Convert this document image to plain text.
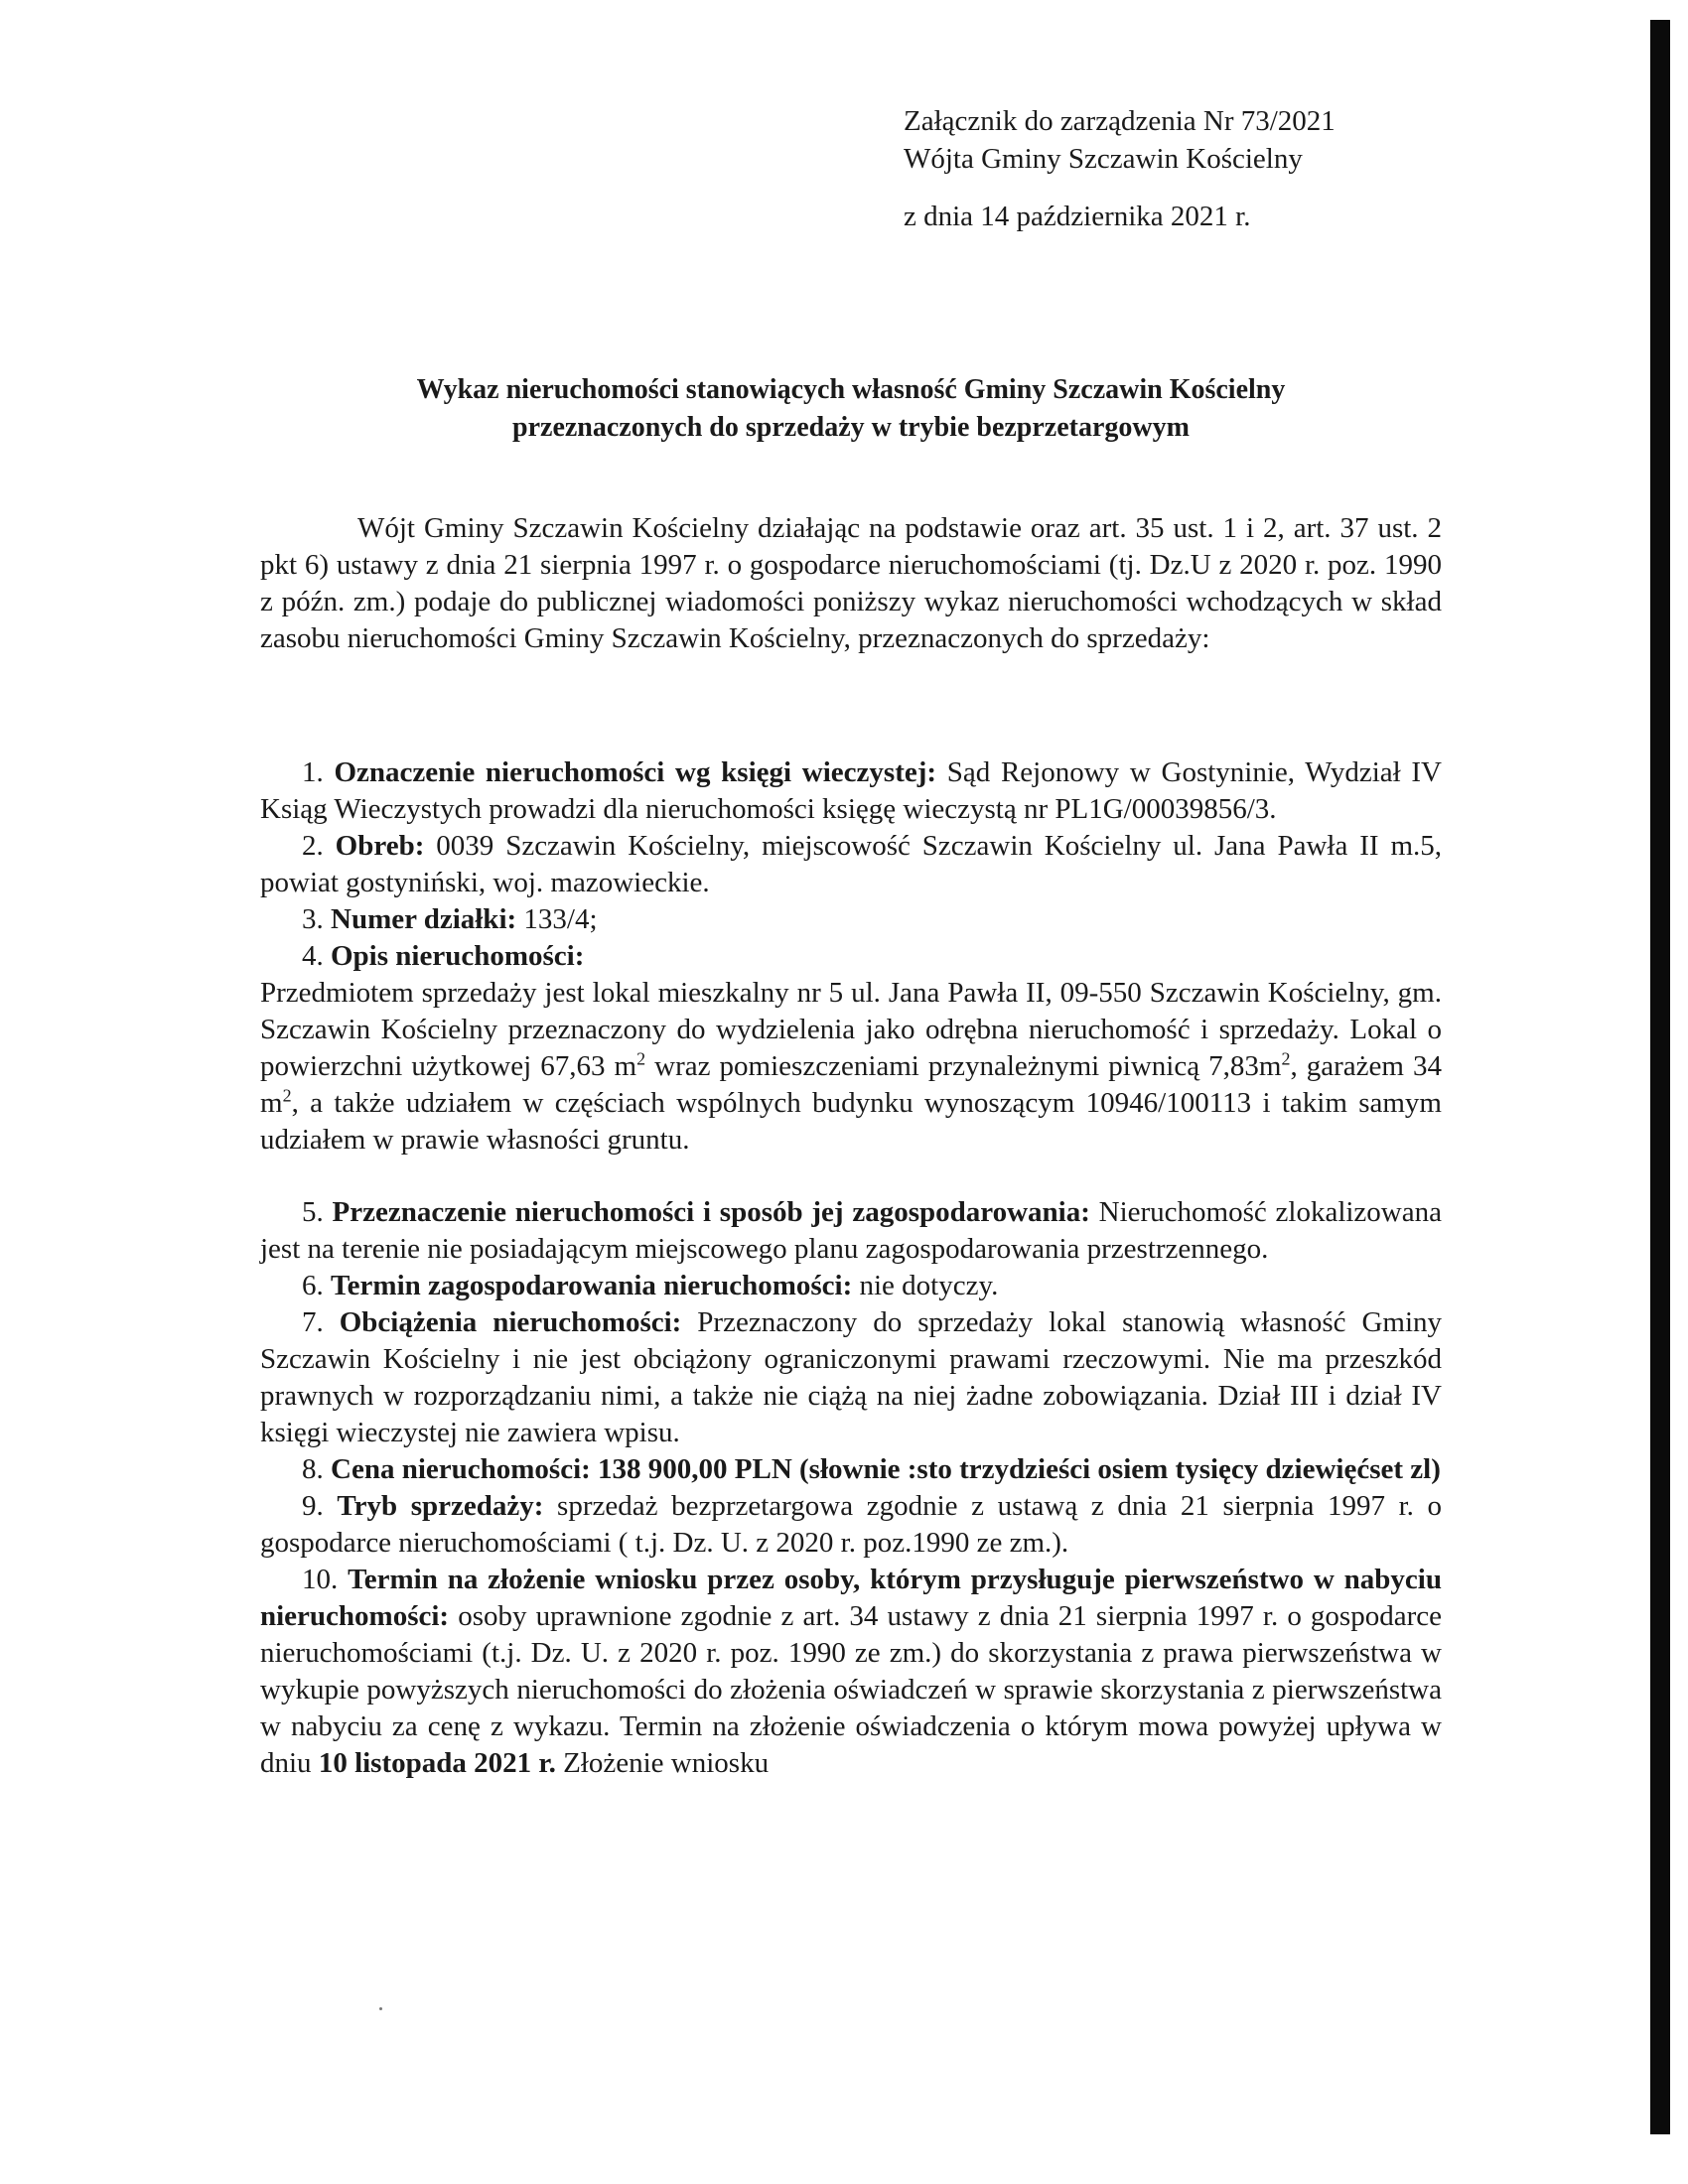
Załącznik do zarządzenia Nr 73/2021
Wójta Gminy Szczawin Kościelny
z dnia 14 października 2021 r.
Wykaz nieruchomości stanowiących własność Gminy Szczawin Kościelny
przeznaczonych do sprzedaży w trybie bezprzetargowym

Wójt Gminy Szczawin Kościelny działając na podstawie oraz art. 35 ust. 1 i 2, art. 37 ust. 2 pkt 6) ustawy z dnia 21 sierpnia 1997 r. o gospodarce nieruchomościami (tj. Dz.U z 2020 r. poz. 1990 z późn. zm.) podaje do publicznej wiadomości poniższy wykaz nieruchomości wchodzących w skład zasobu nieruchomości Gminy Szczawin Kościelny, przeznaczonych do sprzedaży:

1. Oznaczenie nieruchomości wg księgi wieczystej: Sąd Rejonowy w Gostyninie, Wydział IV Ksiąg Wieczystych prowadzi dla nieruchomości księgę wieczystą nr PL1G/00039856/3.

2. Obreb: 0039 Szczawin Kościelny, miejscowość Szczawin Kościelny ul. Jana Pawła II m.5, powiat gostyniński, woj. mazowieckie.

3. Numer działki: 133/4;

4. Opis nieruchomości:

Przedmiotem sprzedaży jest lokal mieszkalny nr 5 ul. Jana Pawła II, 09-550 Szczawin Kościelny, gm. Szczawin Kościelny przeznaczony do wydzielenia jako odrębna nieruchomość i sprzedaży. Lokal o powierzchni użytkowej 67,63 $m^2$ wraz pomieszczeniami przynależnymi piwnicą $7,83m^2$, garażem 34 $m^2$, a także udziałem w częściach wspólnych budynku wynoszącym 10946/100113 i takim samym udziałem w prawie własności gruntu.

5. Przeznaczenie nieruchomości i sposób jej zagospodarowania: Nieruchomość zlokalizowana jest na terenie nie posiadającym miejscowego planu zagospodarowania przestrzennego.

6. Termin zagospodarowania nieruchomości: nie dotyczy.

7. Obciążenia nieruchomości: Przeznaczony do sprzedaży lokal stanowią własność Gminy Szczawin Kościelny i nie jest obciążony ograniczonymi prawami rzeczowymi. Nie ma przeszkód prawnych w rozporządzaniu nimi, a także nie ciążą na niej żadne zobowiązania. Dział III i dział IV księgi wieczystej nie zawiera wpisu.

8. Cena nieruchomości: 138 900,00 PLN (słownie :sto trzydzieści osiem tysięcy dziewięćset zl)

9. Tryb sprzedaży: sprzedaż bezprzetargowa zgodnie z ustawą z dnia 21 sierpnia 1997 r. o gospodarce nieruchomościami ( t.j. Dz. U. z 2020 r. poz.1990 ze zm.).

10. Termin na złożenie wniosku przez osoby, którym przysługuje pierwszeństwo w nabyciu nieruchomości: osoby uprawnione zgodnie z art. 34 ustawy z dnia 21 sierpnia 1997 r. o gospodarce nieruchomościami (t.j. Dz. U. z 2020 r. poz. 1990 ze zm.) do skorzystania z prawa pierwszeństwa w wykupie powyższych nieruchomości do złożenia oświadczeń w sprawie skorzystania z pierwszeństwa w nabyciu za cenę z wykazu. Termin na złożenie oświadczenia o którym mowa powyżej upływa w dniu 10 listopada 2021 r. Złożenie wniosku
